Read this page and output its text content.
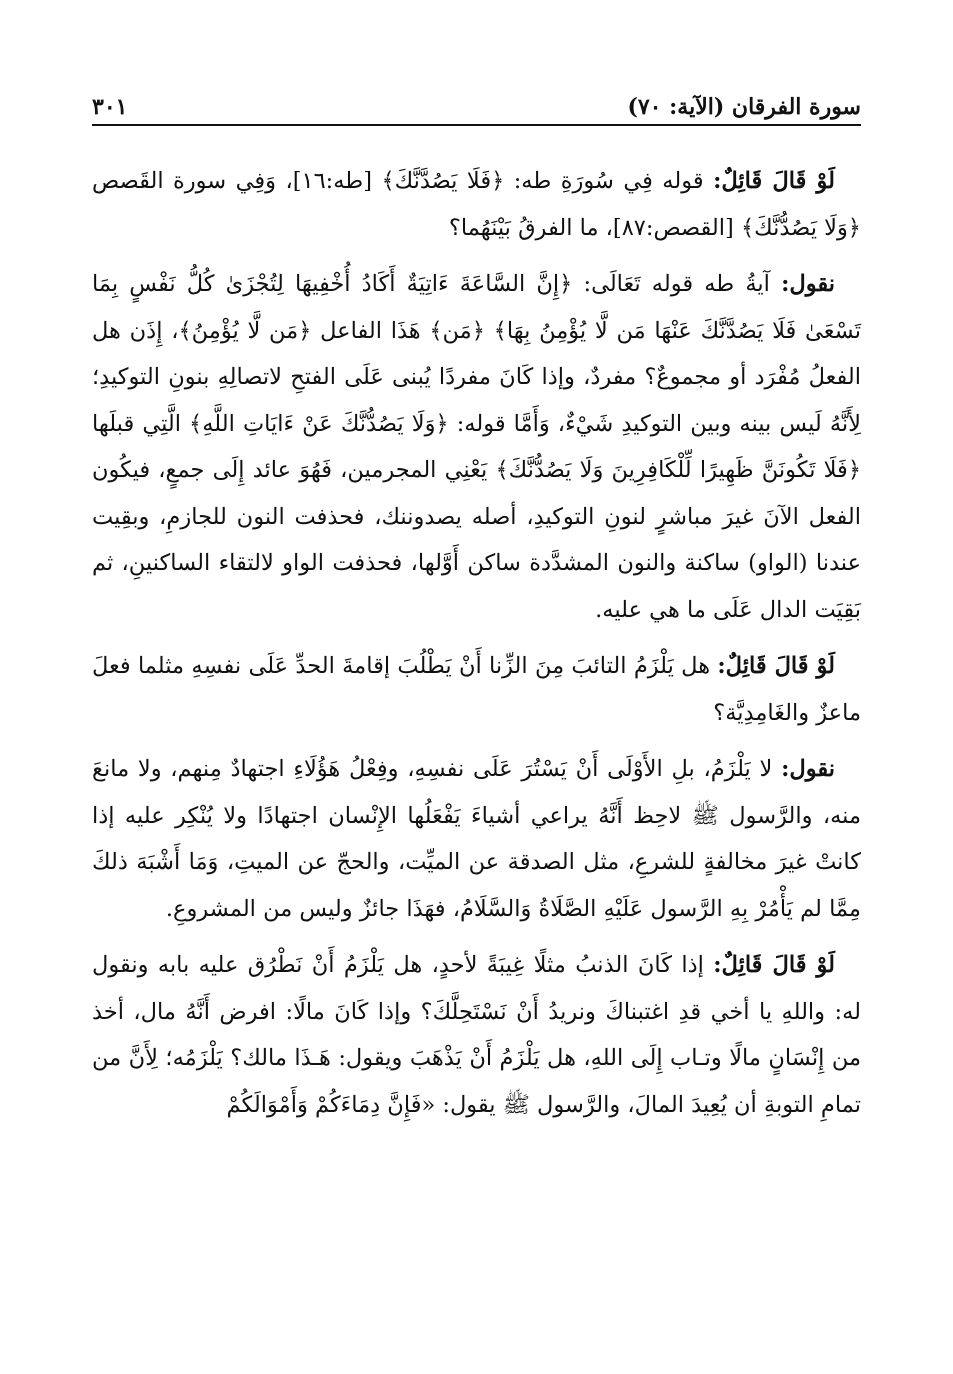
سورة الفرقان (الآية: ٧٠)
٣٠١

لَوْ قَالَ قَائِلٌ: قوله فِي سُورَةِ طه: ﴿فَلَا يَصُدَّنَّكَ﴾ [طه:١٦]، وَفِي سورة القَصص ﴿وَلَا يَصُدُّنَّكَ﴾ [القصص:٨٧]، ما الفرقُ بَيْنَهُما؟

نقول: آيةُ طه قوله تَعَالَى: ﴿إِنَّ السَّاعَةَ ءَاتِيَةٌ أَكَادُ أُخْفِيهَا لِتُجْزَىٰ كُلُّ نَفْسٍ بِمَا تَسْعَىٰ فَلَا يَصُدَّنَّكَ عَنْهَا مَن لَّا يُؤْمِنُ بِهَا﴾ ﴿مَن﴾ هَذَا الفاعل ﴿مَن لَّا يُؤْمِنُ﴾، إِذَن هل الفعلُ مُفْرَد أو مجموعٌ؟ مفردٌ، وإذا كَانَ مفردًا يُبنى عَلَى الفتحِ لاتصالِهِ بنونِ التوكيدِ؛ لِأَنَّهُ لَيس بينه وبين التوكيدِ شَيْءٌ، وَأَمَّا قوله: ﴿وَلَا يَصُدُّنَّكَ عَنْ ءَايَاتِ اللَّهِ﴾ الَّتِي قبلَها ﴿فَلَا تَكُونَنَّ ظَهِيرًا لِّلْكَافِرِينَ وَلَا يَصُدُّنَّكَ﴾ يَعْنِي المجرمين، فَهُوَ عائد إِلَى جمعٍ، فيكُون الفعل الآنَ غيرَ مباشرٍ لنونِ التوكيدِ، أصله يصدوننك، فحذفت النون للجازمِ، وبقِيت عندنا (الواو) ساكنة والنون المشدَّدة ساكن أَوَّلها، فحذفت الواو لالتقاء الساكنينِ، ثم بَقِيَت الدال عَلَى ما هي عليه.

لَوْ قَالَ قَائِلٌ: هل يَلْزَمُ التائبَ مِنَ الزِّنا أَنْ يَطْلُبَ إقامةَ الحدِّ عَلَى نفسِهِ مثلما فعلَ ماعزٌ والغَامِدِيَّة؟

نقول: لا يَلْزَمُ، بلِ الأَوْلَى أَنْ يَسْتُرَ عَلَى نفسِهِ، وفِعْلُ هَؤُلَاءِ اجتهادٌ مِنهم، ولا مانعَ منه، والرَّسول ﷺ لاحِظ أَنَّهُ يراعي أشياءَ يَفْعَلُها الإِنْسان اجتهادًا ولا يُنْكِر عليه إذا كانتْ غيرَ مخالفةٍ للشرعِ، مثل الصدقة عن الميِّت، والحجّ عن الميتِ، وَمَا أَشْبَهَ ذلكَ مِمَّا لم يَأْمُرْ بِهِ الرَّسول عَلَيْهِ الصَّلَاةُ وَالسَّلَامُ، فهَذَا جائزٌ وليس من المشروعِ.

لَوْ قَالَ قَائِلٌ: إذا كَانَ الذنبُ مثلًا غِيبَةً لأحدٍ، هل يَلْزَمُ أَنْ نَطْرُق عليه بابه ونقول له: واللهِ يا أخي قدِ اغتبناكَ ونريدُ أَنْ نَسْتَحِلَّكَ؟ وإذا كَانَ مالًا: افرض أَنَّهُ مال، أخذ من إِنْسَانٍ مالًا وتـاب إِلَى اللهِ، هل يَلْزَمُ أَنْ يَذْهَبَ ويقول: هَـذَا مالك؟ يَلْزَمُه؛ لِأَنَّ من تمامِ التوبةِ أن يُعِيدَ المالَ، والرَّسول ﷺ يقول: «فَإِنَّ دِمَاءَكُمْ وَأَمْوَالَكُمْ
